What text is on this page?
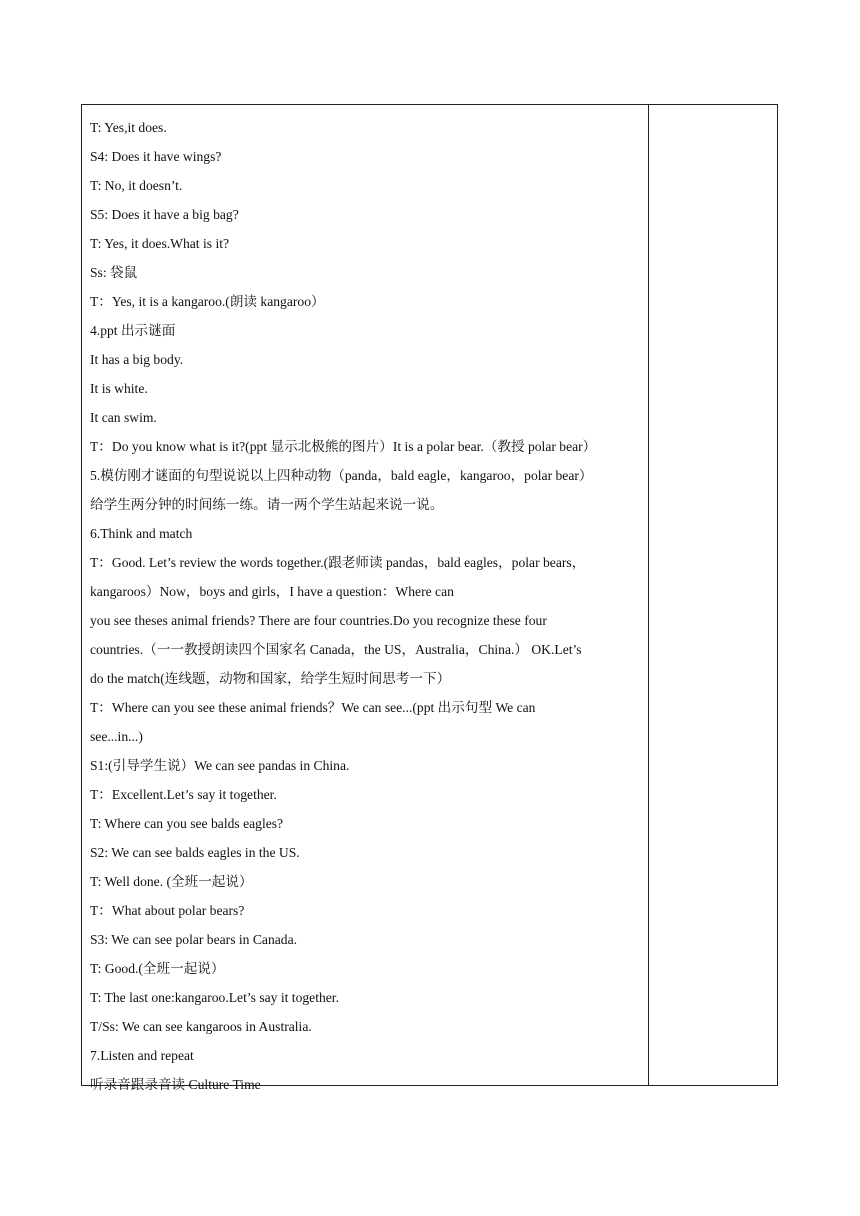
T: Yes,it does.
S4: Does it have wings?
T: No, it doesn’t.
S5: Does it have a big bag?
T: Yes, it does.What is it?
Ss: 袋鼠
T：Yes, it is a kangaroo.(朗读 kangaroo）
4.ppt 出示谜面
It has a big body.
It is white.
It can swim.
T：Do you know what is it?(ppt 显示北极熊的图片）It is a polar bear.（教授 polar bear）
5.模仿刚才谜面的句型说说以上四种动物（panda，bald eagle，kangaroo，polar bear）
给学生两分钟的时间练一练。请一两个学生站起来说一说。
6.Think and match
T：Good. Let’s review the words together.(跟老师读 pandas，bald eagles，polar bears，
kangaroos）Now，boys and girls，I have a question：Where can
you see theses animal friends? There are four countries.Do you recognize these four
countries.（一一教授朗读四个国家名 Canada，the US，Australia，China.） OK.Let’s
do the match(连线题，动物和国家，给学生短时间思考一下）
T：Where can you see these animal friends？We can see...(ppt 出示句型 We can
see...in...)
S1:(引导学生说）We can see pandas in China.
T：Excellent.Let’s say it together.
T: Where can you see balds eagles?
S2: We can see balds eagles in the US.
T: Well done. (全班一起说）
T：What about polar bears?
S3: We can see polar bears in Canada.
T: Good.(全班一起说）
T: The last one:kangaroo.Let’s say it together.
T/Ss: We can see kangaroos in Australia.
7.Listen and repeat
听录音跟录音读 Culture Time
